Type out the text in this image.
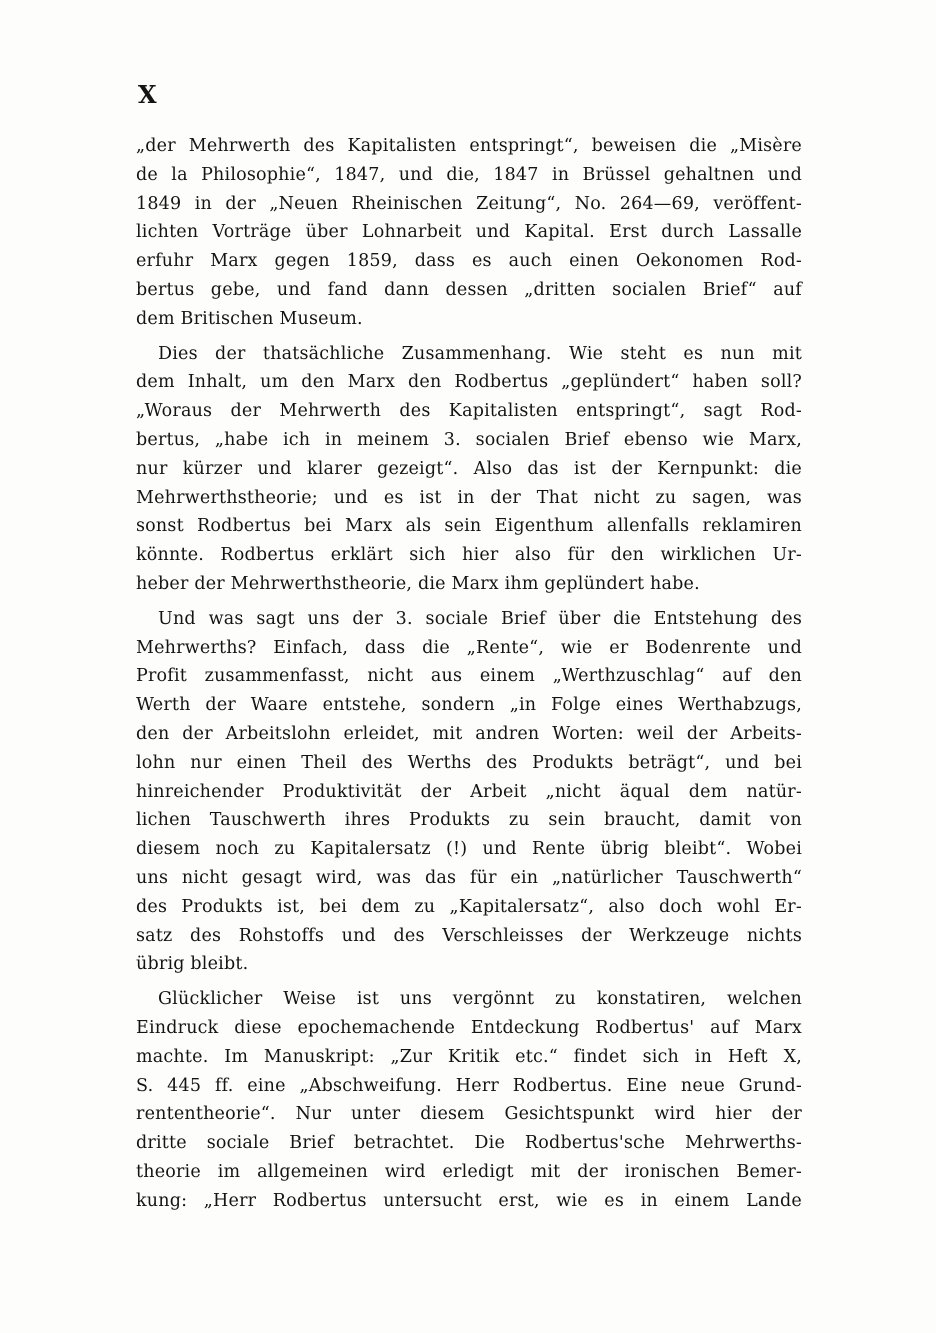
X
„der Mehrwerth des Kapitalisten entspringt“, beweisen die „Misère
de la Philosophie“, 1847, und die, 1847 in Brüssel gehaltnen und
1849 in der „Neuen Rheinischen Zeitung“, No. 264—69, veröffent-
lichten Vorträge über Lohnarbeit und Kapital. Erst durch Lassalle
erfuhr Marx gegen 1859, dass es auch einen Oekonomen Rod-
bertus gebe, und fand dann dessen „dritten socialen Brief“ auf
dem Britischen Museum.
Dies der thatsächliche Zusammenhang. Wie steht es nun mit
dem Inhalt, um den Marx den Rodbertus „geplündert“ haben soll?
„Woraus der Mehrwerth des Kapitalisten entspringt“, sagt Rod-
bertus, „habe ich in meinem 3. socialen Brief ebenso wie Marx,
nur kürzer und klarer gezeigt“. Also das ist der Kernpunkt: die
Mehrwerthstheorie; und es ist in der That nicht zu sagen, was
sonst Rodbertus bei Marx als sein Eigenthum allenfalls reklamiren
könnte. Rodbertus erklärt sich hier also für den wirklichen Ur-
heber der Mehrwerthstheorie, die Marx ihm geplündert habe.
Und was sagt uns der 3. sociale Brief über die Entstehung des
Mehrwerths? Einfach, dass die „Rente“, wie er Bodenrente und
Profit zusammenfasst, nicht aus einem „Werthzuschlag“ auf den
Werth der Waare entstehe, sondern „in Folge eines Werthabzugs,
den der Arbeitslohn erleidet, mit andren Worten: weil der Arbeits-
lohn nur einen Theil des Werths des Produkts beträgt“, und bei
hinreichender Produktivität der Arbeit „nicht äqual dem natür-
lichen Tauschwerth ihres Produkts zu sein braucht, damit von
diesem noch zu Kapitalersatz (!) und Rente übrig bleibt“. Wobei
uns nicht gesagt wird, was das für ein „natürlicher Tauschwerth“
des Produkts ist, bei dem zu „Kapitalersatz“, also doch wohl Er-
satz des Rohstoffs und des Verschleisses der Werkzeuge nichts
übrig bleibt.
Glücklicher Weise ist uns vergönnt zu konstatiren, welchen
Eindruck diese epochemachende Entdeckung Rodbertus' auf Marx
machte. Im Manuskript: „Zur Kritik etc.“ findet sich in Heft X,
S. 445 ff. eine „Abschweifung. Herr Rodbertus. Eine neue Grund-
rententheorie“. Nur unter diesem Gesichtspunkt wird hier der
dritte sociale Brief betrachtet. Die Rodbertus'sche Mehrwerths-
theorie im allgemeinen wird erledigt mit der ironischen Bemer-
kung: „Herr Rodbertus untersucht erst, wie es in einem Lande
